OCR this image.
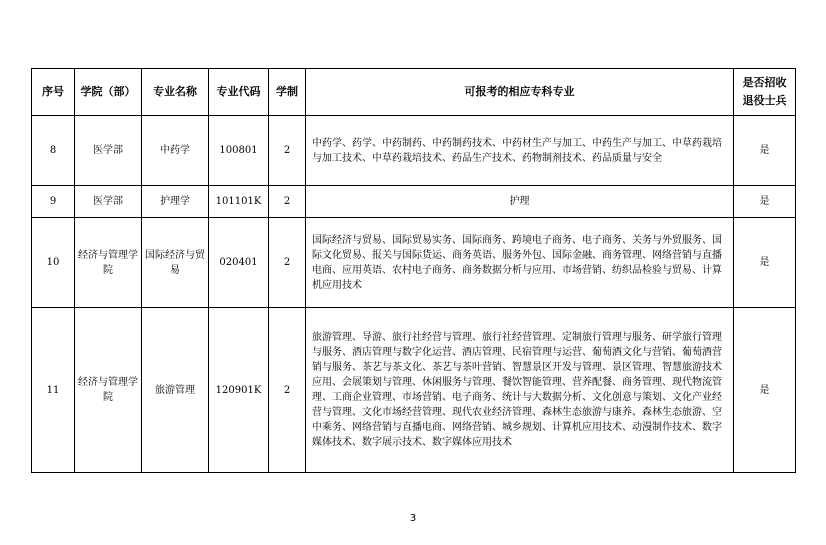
序号	学院（部）	专业名称	专业代码	学制	可报考的相应专科专业	是否招收
退役士兵

8	医学部	中药学	100801	2	中药学、药学、中药制药、中药制药技术、中药材生产与加工、中药生产与加工、中草药栽培与加工技术、中草药栽培技术、药品生产技术、药物制剂技术、药品质量与安全	是
9	医学部	护理学	101101K	2	护理	是
10	经济与管理学院	国际经济与贸易	020401	2	国际经济与贸易、国际贸易实务、国际商务、跨境电子商务、电子商务、关务与外贸服务、国际文化贸易、报关与国际货运、商务英语、服务外包、国际金融、商务管理、网络营销与直播电商、应用英语、农村电子商务、商务数据分析与应用、市场营销、纺织品检验与贸易、计算机应用技术	是
11	经济与管理学院	旅游管理	120901K	2	旅游管理、导游、旅行社经营与管理、旅行社经营管理、定制旅行管理与服务、研学旅行管理与服务、酒店管理与数字化运营、酒店管理、民宿管理与运营、葡萄酒文化与营销、葡萄酒营销与服务、茶艺与茶文化、茶艺与茶叶营销、智慧景区开发与管理、景区管理、智慧旅游技术应用、会展策划与管理、休闲服务与管理、餐饮智能管理、营养配餐、商务管理、现代物流管理、工商企业管理、市场营销、电子商务、统计与大数据分析、文化创意与策划、文化产业经营与管理、文化市场经营管理、现代农业经济管理、森林生态旅游与康养、森林生态旅游、空中乘务、网络营销与直播电商、网络营销、城乡规划、计算机应用技术、动漫制作技术、数字媒体技术、数字展示技术、数字媒体应用技术	是
3
